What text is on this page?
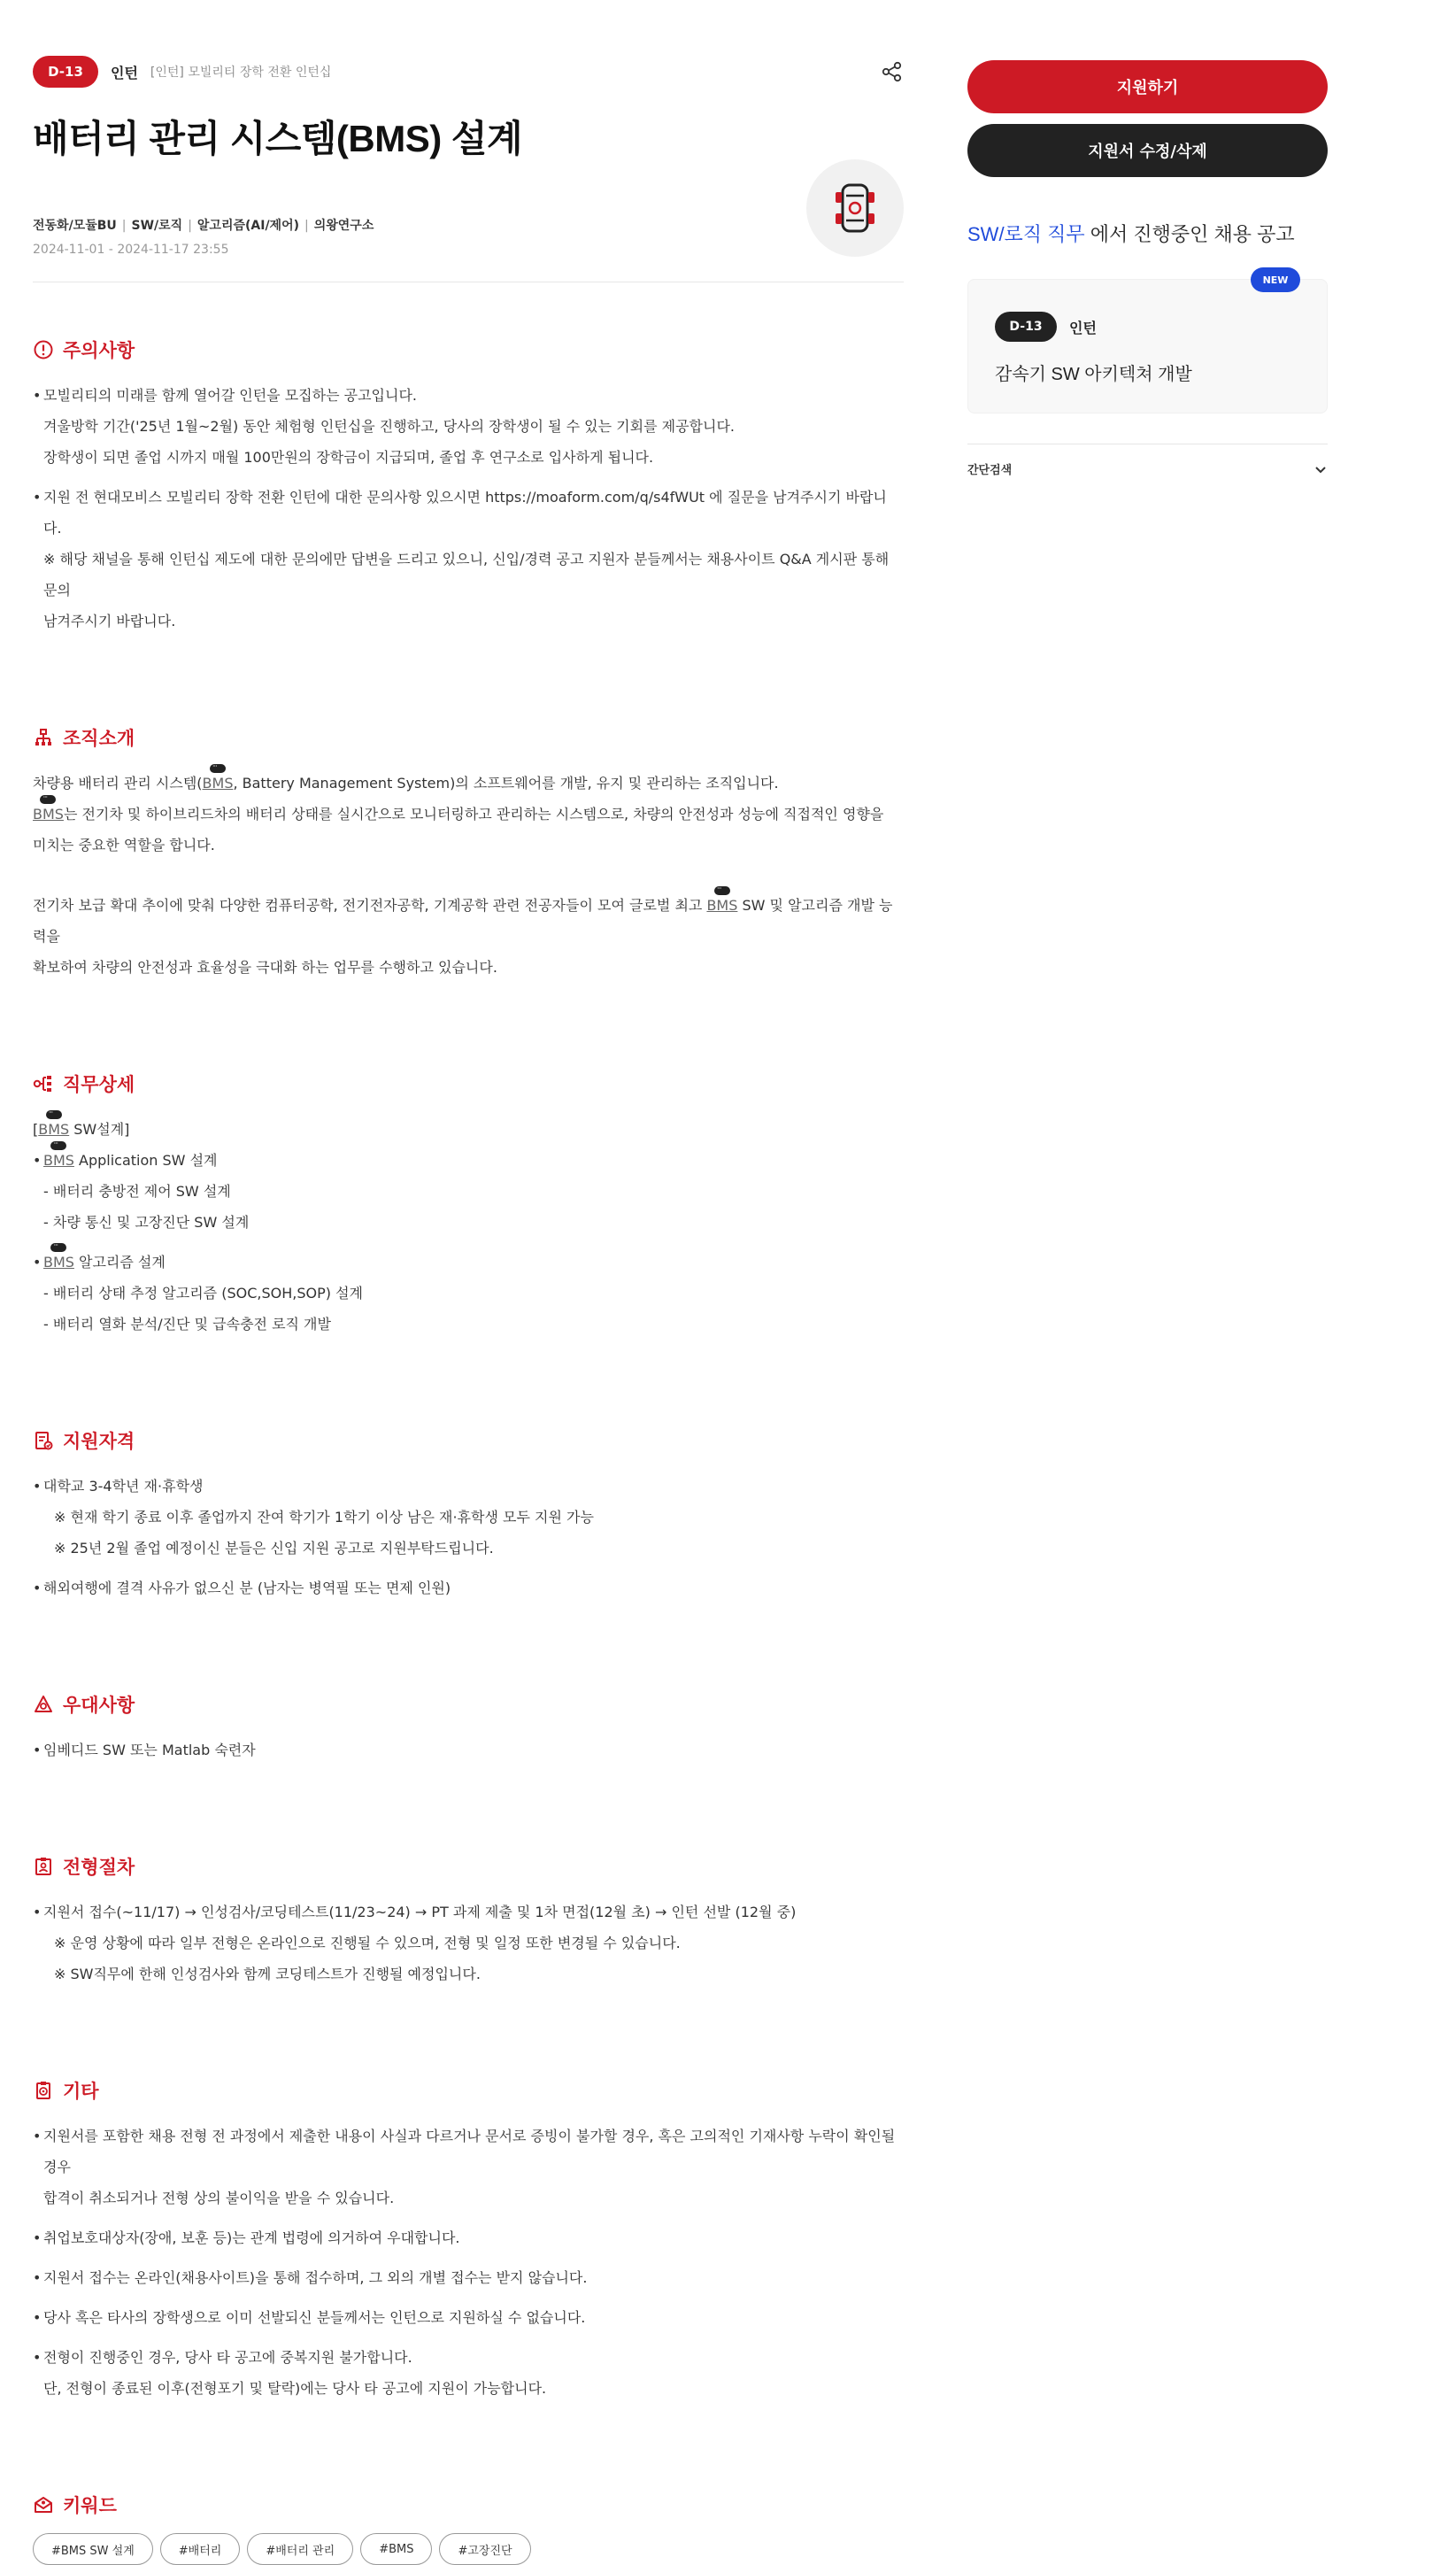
D-13	인턴 [인턴] 모빌리티 장학 전환 인턴십
배터리 관리 시스템(BMS) 설계
전동화/모듈BU | SW/로직 | 알고리즘(AI/제어) | 의왕연구소
2024-11-01 - 2024-11-17 23:55
주의사항
• 모빌리티의 미래를 함께 열어갈 인턴을 모집하는 공고입니다.
겨울방학 기간('25년 1월~2월) 동안 체험형 인턴십을 진행하고, 당사의 장학생이 될 수 있는 기회를 제공합니다.
장학생이 되면 졸업 시까지 매월 100만원의 장학금이 지급되며, 졸업 후 연구소로 입사하게 됩니다.
• 지원 전 현대모비스 모빌리티 장학 전환 인턴에 대한 문의사항 있으시면 https://moaform.com/q/s4fWUt 에 질문을 남겨주시기 바랍니다.
※ 해당 채널을 통해 인턴십 제도에 대한 문의에만 답변을 드리고 있으니, 신입/경력 공고 지원자 분들께서는 채용사이트 Q&A 게시판 통해 문의
남겨주시기 바랍니다.
조직소개
차량용 배터리 관리 시스템(
···
BMS, Battery Management System)의 소프트웨어를 개발, 유지 및 관리하는 조직입니다.
···
BMS는 전기차 및 하이브리드차의 배터리 상태를 실시간으로 모니터링하고 관리하는 시스템으로, 차량의 안전성과 성능에 직접적인 영향을
미치는 중요한 역할을 합니다.
전기차 보급 확대 추이에 맞춰 다양한 컴퓨터공학, 전기전자공학, 기계공학 관련 전공자들이 모여 글로벌 최고
···
BMS SW 및 알고리즘 개발 능력을
확보하여 차량의 안전성과 효율성을 극대화 하는 업무를 수행하고 있습니다.
직무상세
[
···
BMS SW설계]
•
···
BMS Application SW 설계
- 배터리 충방전 제어 SW 설계
- 차량 통신 및 고장진단 SW 설계
•
···
BMS 알고리즘 설계
- 배터리 상태 추정 알고리즘 (SOC,SOH,SOP) 설계
- 배터리 열화 분석/진단 및 급속충전 로직 개발
지원자격
• 대학교 3-4학년 재·휴학생
※ 현재 학기 종료 이후 졸업까지 잔여 학기가 1학기 이상 남은 재·휴학생 모두 지원 가능
※ 25년 2월 졸업 예정이신 분들은 신입 지원 공고로 지원부탁드립니다.
• 해외여행에 결격 사유가 없으신 분 (남자는 병역필 또는 면제 인원)
우대사항
• 임베디드 SW 또는 Matlab 숙련자
전형절차
• 지원서 접수(~11/17) → 인성검사/코딩테스트(11/23~24) → PT 과제 제출 및 1차 면접(12월 초) → 인턴 선발 (12월 중)
※ 운영 상황에 따라 일부 전형은 온라인으로 진행될 수 있으며, 전형 및 일정 또한 변경될 수 있습니다.
※ SW직무에 한해 인성검사와 함께 코딩테스트가 진행될 예정입니다.
기타
• 지원서를 포함한 채용 전형 전 과정에서 제출한 내용이 사실과 다르거나 문서로 증빙이 불가할 경우, 혹은 고의적인 기재사항 누락이 확인될 경우
합격이 취소되거나 전형 상의 불이익을 받을 수 있습니다.
• 취업보호대상자(장애, 보훈 등)는 관계 법령에 의거하여 우대합니다.
• 지원서 접수는 온라인(채용사이트)을 통해 접수하며, 그 외의 개별 접수는 받지 않습니다.
• 당사 혹은 타사의 장학생으로 이미 선발되신 분들께서는 인턴으로 지원하실 수 없습니다.
• 전형이 진행중인 경우, 당사 타 공고에 중복지원 불가합니다.
단, 전형이 종료된 이후(전형포기 및 탈락)에는 당사 타 공고에 지원이 가능합니다.
키워드
#BMS SW 설계	#배터리	#배터리 관리	#BMS	#고장진단
지원하기
지원서 수정/삭제
SW/로직 직무 에서 진행중인 채용 공고
NEW
D-13	인턴
감속기 SW 아키텍쳐 개발
간단검색
